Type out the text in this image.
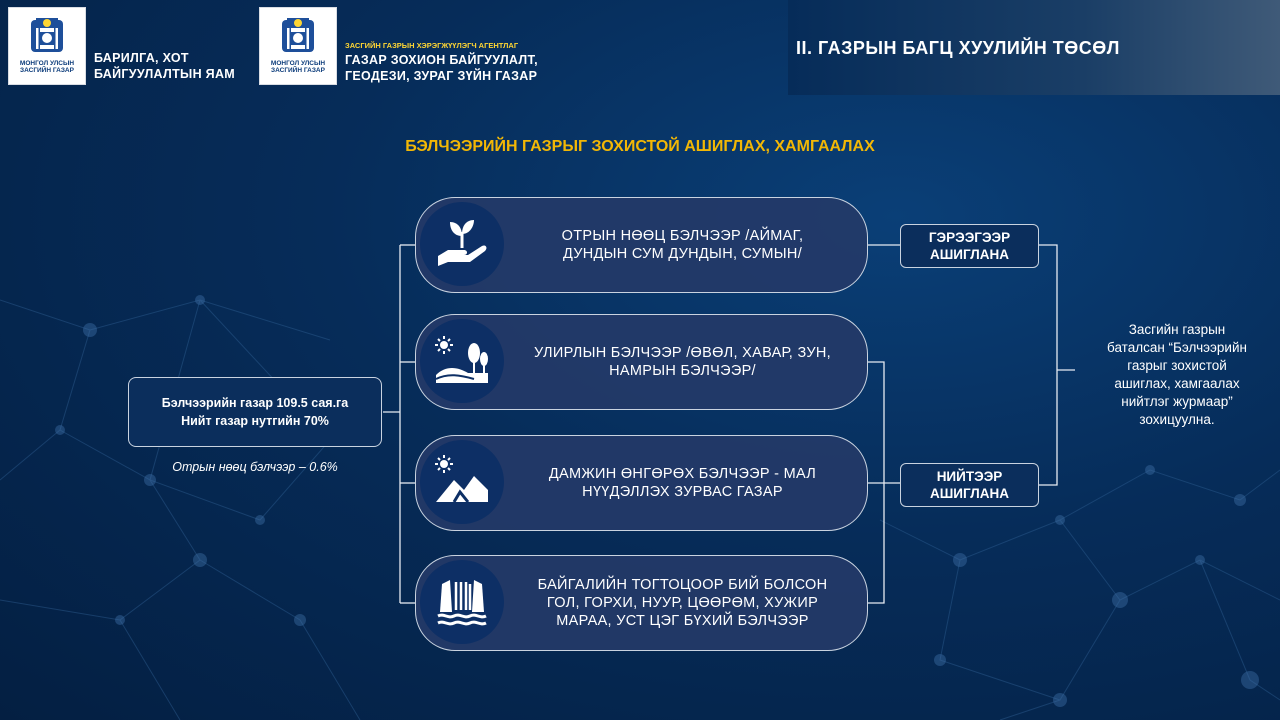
МОНГОЛ УЛСЫН
ЗАСГИЙН ГАЗАР
БАРИЛГА, ХОТ
БАЙГУУЛАЛТЫН ЯАМ
МОНГОЛ УЛСЫН
ЗАСГИЙН ГАЗАР
ЗАСГИЙН ГАЗРЫН ХЭРЭГЖҮҮЛЭГЧ АГЕНТЛАГ
ГАЗАР ЗОХИОН БАЙГУУЛАЛТ,
ГЕОДЕЗИ, ЗУРАГ ЗҮЙН ГАЗАР
II. ГАЗРЫН БАГЦ ХУУЛИЙН ТӨСӨЛ
БЭЛЧЭЭРИЙН ГАЗРЫГ ЗОХИСТОЙ АШИГЛАХ, ХАМГААЛАХ
Бэлчээрийн газар 109.5 сая.га
Нийт газар нутгийн 70%
Отрын нөөц бэлчээр – 0.6%
ОТРЫН НӨӨЦ БЭЛЧЭЭР /АЙМАГ,
ДУНДЫН СУМ ДУНДЫН, СУМЫН/
УЛИРЛЫН БЭЛЧЭЭР /ӨВӨЛ, ХАВАР, ЗУН,
НАМРЫН БЭЛЧЭЭР/
ДАМЖИН ӨНГӨРӨХ БЭЛЧЭЭР - МАЛ
НҮҮДЭЛЛЭХ ЗУРВАС ГАЗАР
БАЙГАЛИЙН ТОГТОЦООР БИЙ БОЛСОН
ГОЛ, ГОРХИ, НУУР, ЦӨӨРӨМ, ХУЖИР
МАРАА, УСТ ЦЭГ БҮХИЙ БЭЛЧЭЭР
ГЭРЭЭГЭЭР
АШИГЛАНА
НИЙТЭЭР
АШИГЛАНА
Засгийн газрын
баталсан “Бэлчээрийн
газрыг зохистой
ашиглах, хамгаалах
нийтлэг журмаар”
зохицуулна.
